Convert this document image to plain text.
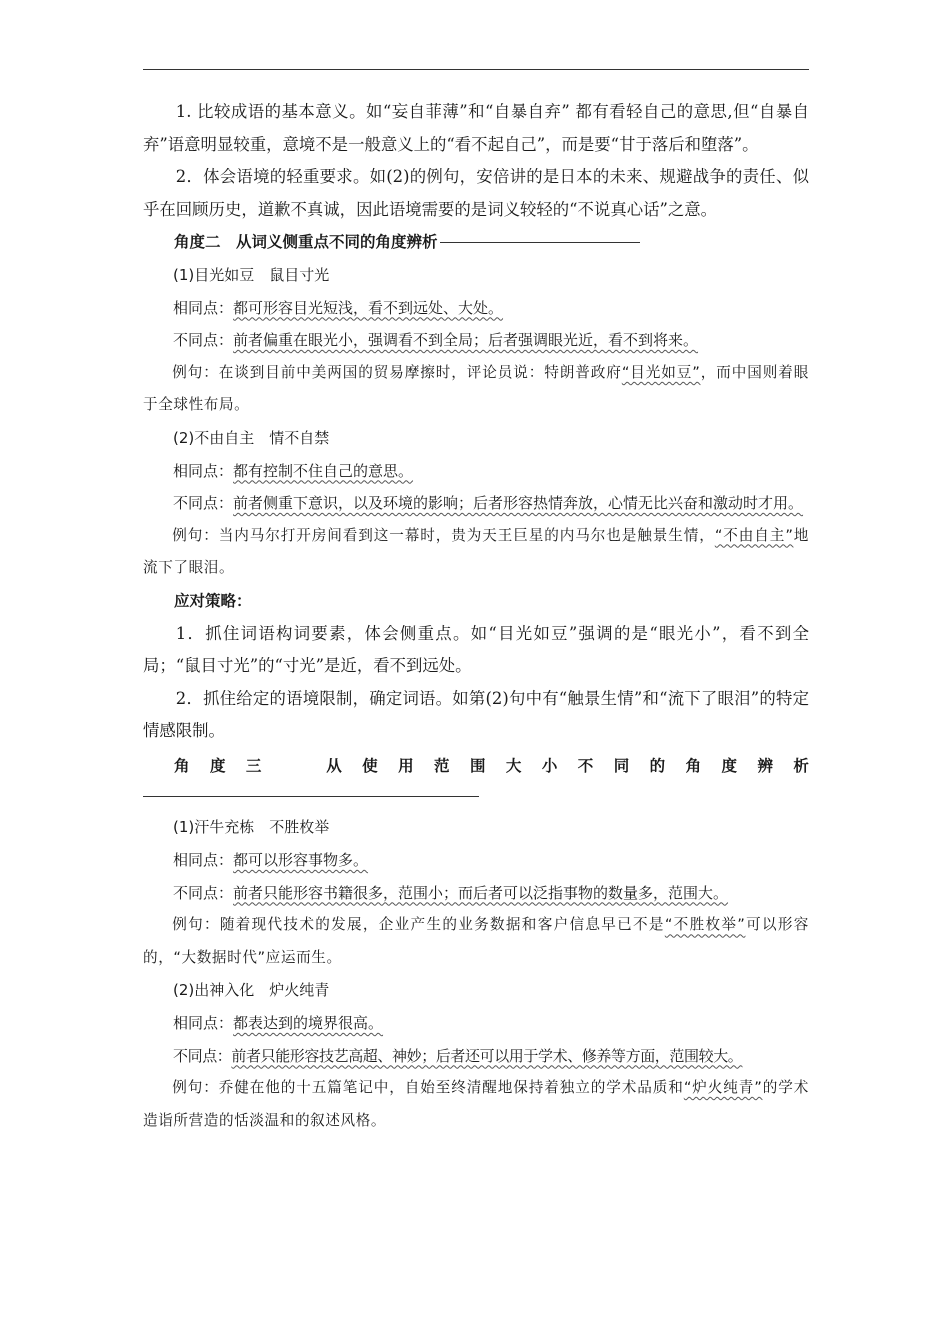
1. 比较成语的基本意义。如“妄自菲薄”和“自暴自弃” 都有看轻自己的意思,但“自暴自弃”语意明显较重，意境不是一般意义上的“看不起自己”，而是要“甘于落后和堕落”。

2．体会语境的轻重要求。如(2)的例句，安倍讲的是日本的未来、规避战争的责任、似乎在回顾历史，道歉不真诚，因此语境需要的是词义较轻的“不说真心话”之意。

角度二　从词义侧重点不同的角度辨析

(1)目光如豆　鼠目寸光

相同点：都可形容目光短浅，看不到远处、大处。

不同点：前者偏重在眼光小，强调看不到全局；后者强调眼光近，看不到将来。

例句：在谈到目前中美两国的贸易摩擦时，评论员说：特朗普政府“目光如豆”，而中国则着眼于全球性布局。

(2)不由自主　情不自禁

相同点：都有控制不住自己的意思。

不同点：前者侧重下意识，以及环境的影响；后者形容热情奔放，心情无比兴奋和激动时才用。

例句：当内马尔打开房间看到这一幕时，贵为天王巨星的内马尔也是触景生情，“不由自主”地流下了眼泪。

应对策略：

1．抓住词语构词要素，体会侧重点。如“目光如豆”强调的是“眼光小”，看不到全局；“鼠目寸光”的“寸光”是近，看不到远处。

2．抓住给定的语境限制，确定词语。如第(2)句中有“触景生情”和“流下了眼泪”的特定情感限制。

角 度 三	从 使 用 范 围 大 小 不 同 的 角 度 辨 析

(1)汗牛充栋　不胜枚举

相同点：都可以形容事物多。

不同点：前者只能形容书籍很多，范围小；而后者可以泛指事物的数量多，范围大。

例句：随着现代技术的发展，企业产生的业务数据和客户信息早已不是“不胜枚举”可以形容的，“大数据时代”应运而生。

(2)出神入化　炉火纯青

相同点：都表达到的境界很高。

不同点：前者只能形容技艺高超、神妙；后者还可以用于学术、修养等方面，范围较大。

例句：乔健在他的十五篇笔记中，自始至终清醒地保持着独立的学术品质和“炉火纯青”的学术造诣所营造的恬淡温和的叙述风格。
